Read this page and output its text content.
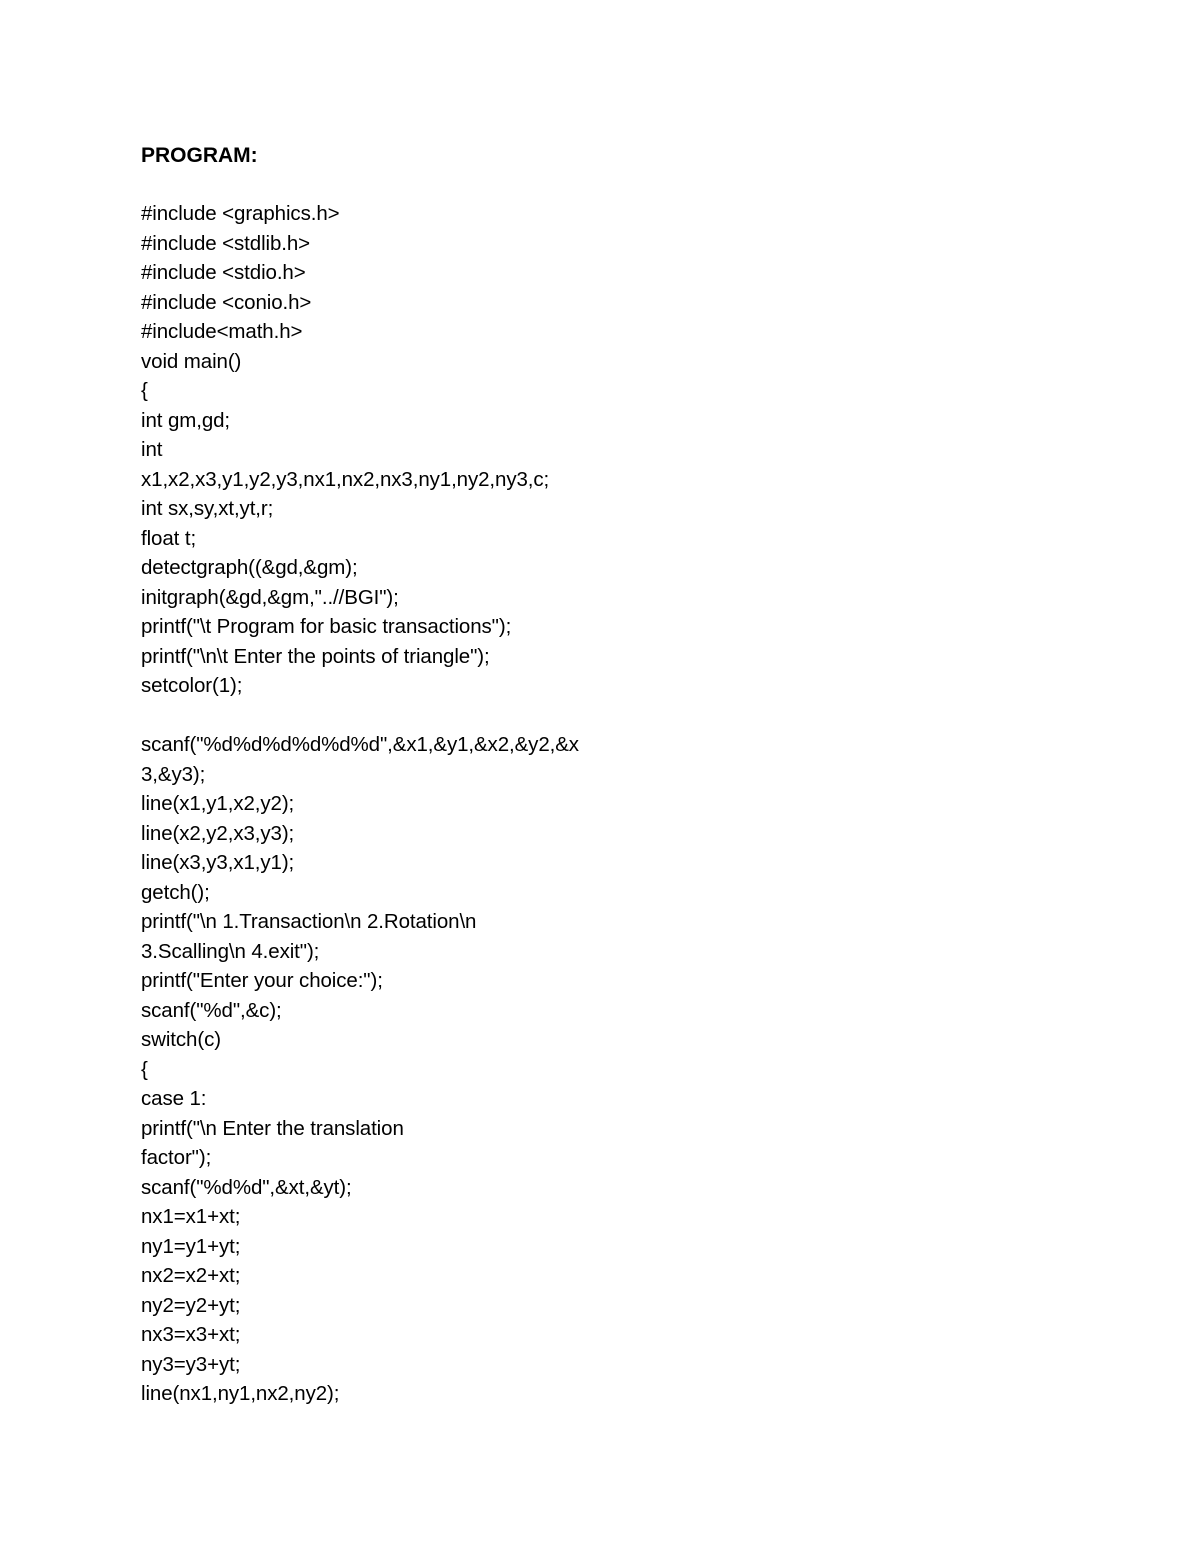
PROGRAM:
#include <graphics.h>
#include <stdlib.h>
#include <stdio.h>
#include <conio.h>
#include<math.h>
void main()
{
int gm,gd;
int
x1,x2,x3,y1,y2,y3,nx1,nx2,nx3,ny1,ny2,ny3,c;
int sx,sy,xt,yt,r;
float t;
detectgraph((&gd,&gm);
initgraph(&gd,&gm,"..//BGI");
printf("\t Program for basic transactions");
printf("\n\t Enter the points of triangle");
setcolor(1);
scanf("%d%d%d%d%d%d",&x1,&y1,&x2,&y2,&x
3,&y3);
line(x1,y1,x2,y2);
line(x2,y2,x3,y3);
line(x3,y3,x1,y1);
getch();
printf("\n 1.Transaction\n 2.Rotation\n
3.Scalling\n 4.exit");
printf("Enter your choice:");
scanf("%d",&c);
switch(c)
{
case 1:
printf("\n Enter the translation
factor");
scanf("%d%d",&xt,&yt);
nx1=x1+xt;
ny1=y1+yt;
nx2=x2+xt;
ny2=y2+yt;
nx3=x3+xt;
ny3=y3+yt;
line(nx1,ny1,nx2,ny2);
